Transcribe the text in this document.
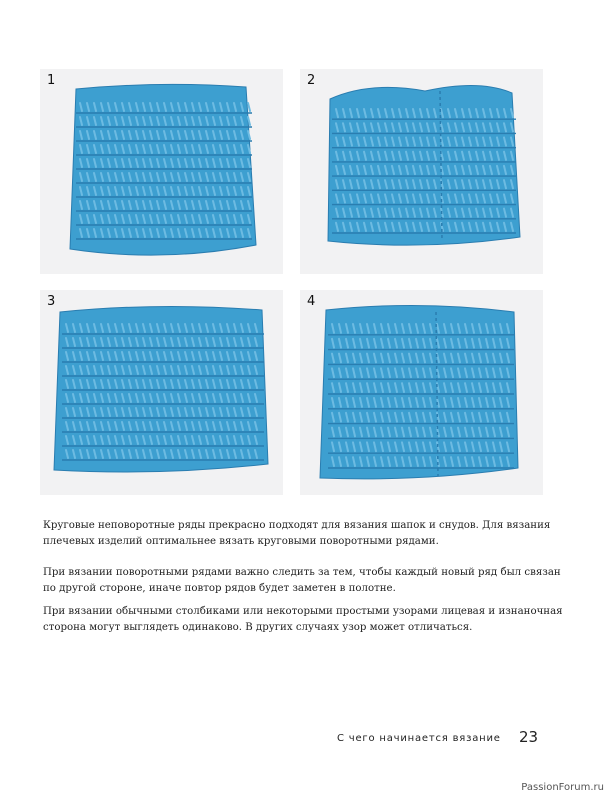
1	2
3	4

Круговые неповоротные ряды прекрасно подходят для вязания шапок и снудов. Для вязания плечевых изделий оптимальнее вязать круговыми поворотными рядами.

При вязании поворотными рядами важно следить за тем, чтобы каждый новый ряд был связан по другой стороне, иначе повтор рядов будет заметен в полотне.

При вязании обычными столбиками или некоторыми простыми узорами лицевая и изнаночная сторона могут выглядеть одинаково. В других случаях узор может отличаться.

С чего начинается вязание 23
PassionForum.ru
